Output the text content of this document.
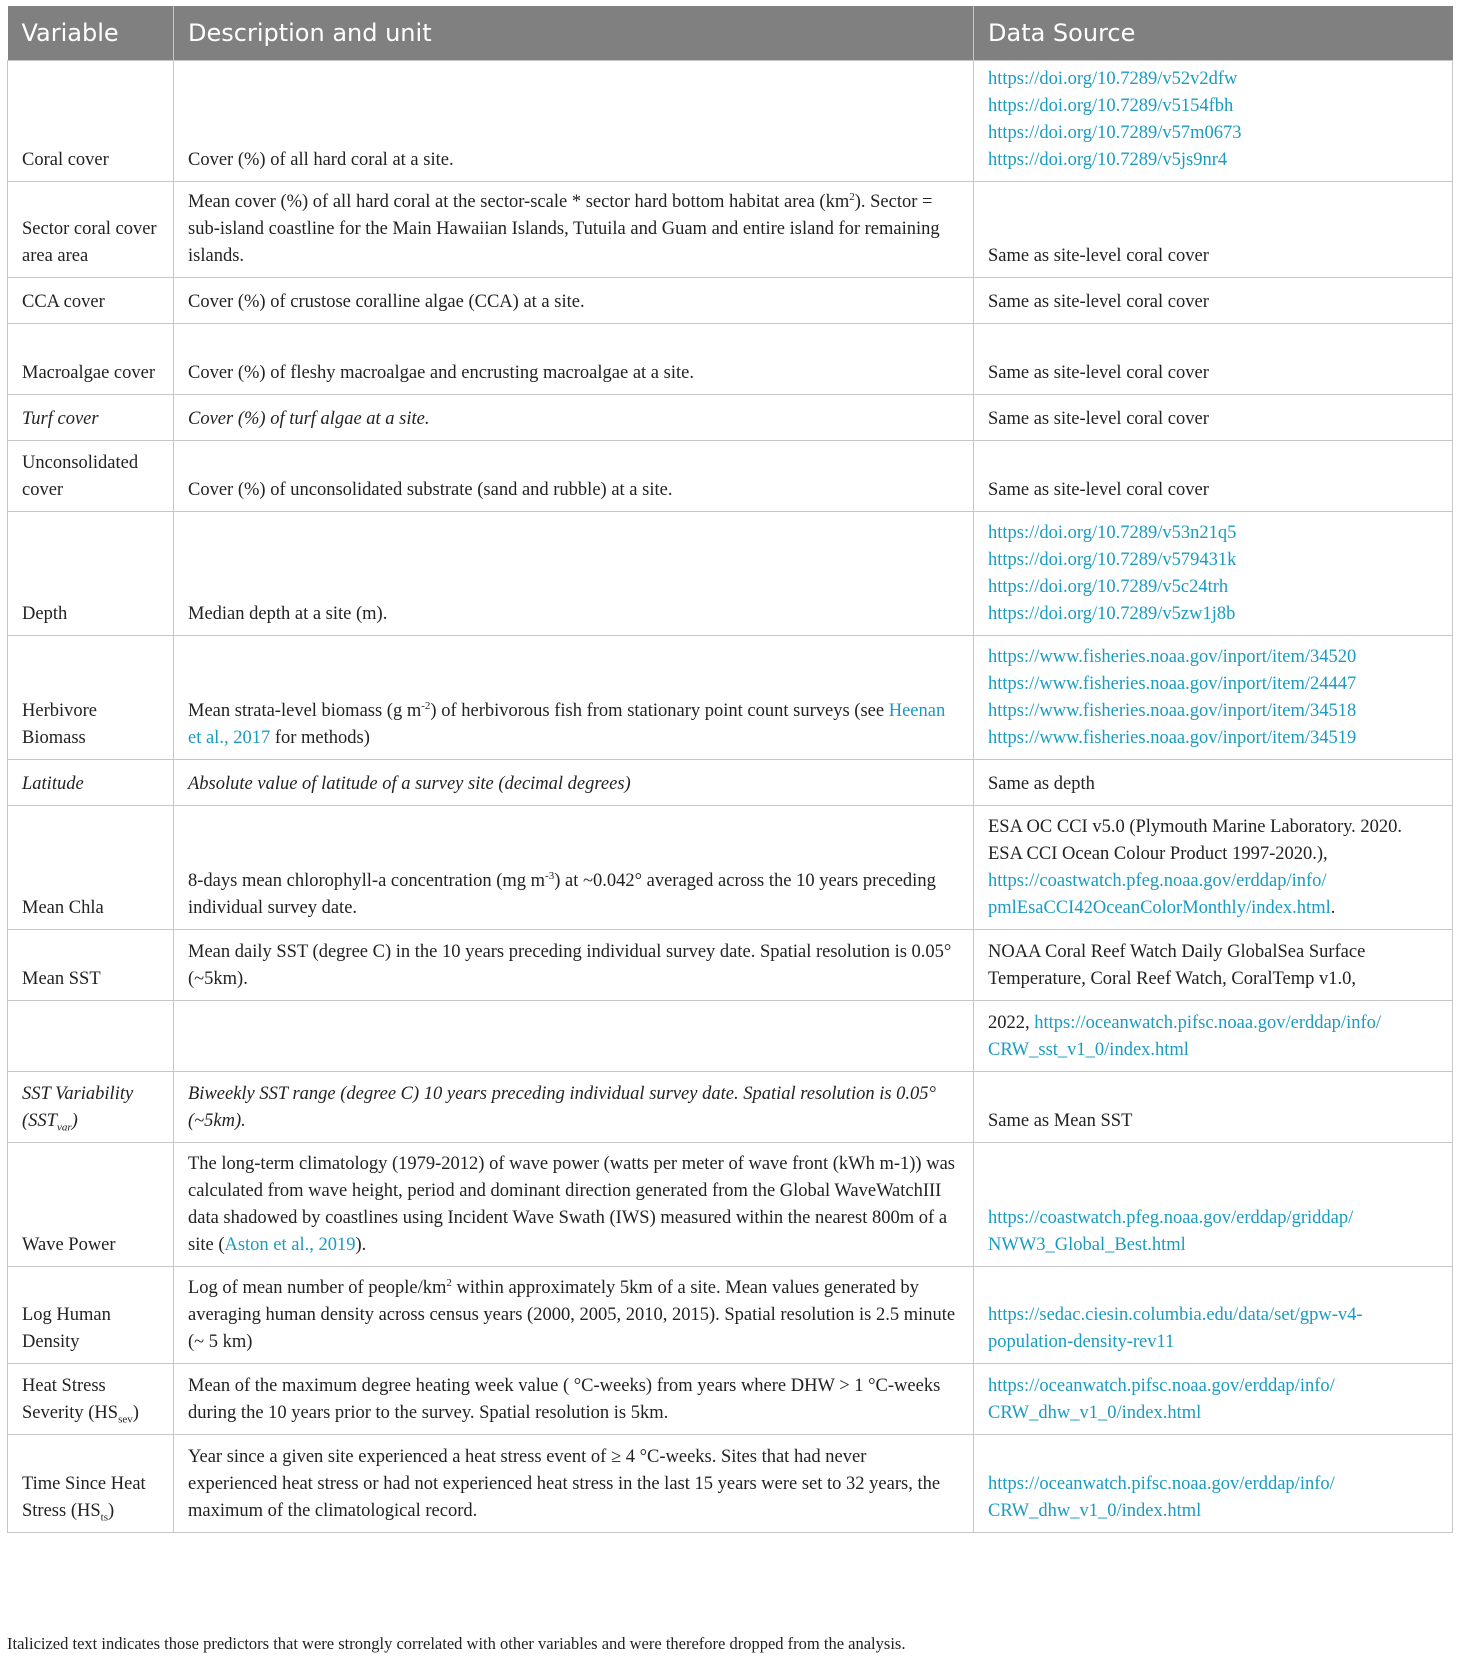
Variable	Description and unit	Data Source
Coral cover	Cover (%) of all hard coral at a site.	https://doi.org/10.7289/v52v2dfw
https://doi.org/10.7289/v5154fbh
https://doi.org/10.7289/v57m0673
https://doi.org/10.7289/v5js9nr4

Sector coral cover area area	Mean cover (%) of all hard coral at the sector-scale * sector hard bottom habitat area $(km^2)$. Sector = sub-island coastline for the Main Hawaiian Islands, Tutuila and Guam and entire island for remaining islands.	Same as site-level coral cover
CCA cover	Cover (%) of crustose coralline algae (CCA) at a site.	Same as site-level coral cover
Macroalgae cover	Cover (%) of fleshy macroalgae and encrusting macroalgae at a site.	Same as site-level coral cover
Turf cover	Cover (%) of turf algae at a site.	Same as site-level coral cover
Unconsolidated cover	Cover (%) of unconsolidated substrate (sand and rubble) at a site.	Same as site-level coral cover
Depth	Median depth at a site (m).	https://doi.org/10.7289/v53n21q5
https://doi.org/10.7289/v579431k
https://doi.org/10.7289/v5c24trh
https://doi.org/10.7289/v5zw1j8b

Herbivore Biomass	Mean strata-level biomass (g $m^{-2}$) of herbivorous fish from stationary point count surveys (see Heenan et al., 2017 for methods)	https://www.fisheries.noaa.gov/inport/item/34520
https://www.fisheries.noaa.gov/inport/item/24447
https://www.fisheries.noaa.gov/inport/item/34518
https://www.fisheries.noaa.gov/inport/item/34519

Latitude	Absolute value of latitude of a survey site (decimal degrees)	Same as depth
Mean Chla	8-days mean chlorophyll-a concentration (mg $m^{-3}$) at ~0.042° averaged across the 10 years preceding individual survey date.	ESA OC CCI v5.0 (Plymouth Marine Laboratory. 2020. ESA CCI Ocean Colour Product 1997-2020.), https://coastwatch.pfeg.noaa.gov/erddap/info/ pmlEsaCCI42OceanColorMonthly/index.html.
Mean SST	Mean daily SST (degree C) in the 10 years preceding individual survey date. Spatial resolution is 0.05° (~5km).	NOAA Coral Reef Watch Daily GlobalSea Surface Temperature, Coral Reef Watch, CoralTemp v1.0,
		2022, https://oceanwatch.pifsc.noaa.gov/erddap/info/ CRW_sst_v1_0/index.html
SST Variability $(SST_{var})$	Biweekly SST range (degree C) 10 years preceding individual survey date. Spatial resolution is 0.05° (~5km).	Same as Mean SST
Wave Power	The long-term climatology (1979-2012) of wave power (watts per meter of wave front (kWh m-1)) was calculated from wave height, period and dominant direction generated from the Global WaveWatchIII data shadowed by coastlines using Incident Wave Swath (IWS) measured within the nearest 800m of a site (Aston et al., 2019).	https://coastwatch.pfeg.noaa.gov/erddap/griddap/
NWW3_Global_Best.html

Log Human Density	Log of mean number of people/$km^2$ within approximately 5km of a site. Mean values generated by averaging human density across census years (2000, 2005, 2010, 2015). Spatial resolution is 2.5 minute (~ 5 km)	https://sedac.ciesin.columbia.edu/data/set/gpw-v4-
population-density-rev11

Heat Stress Severity $(HS_{sev})$	Mean of the maximum degree heating week value ( °C-weeks) from years where DHW > 1 °C-weeks during the 10 years prior to the survey. Spatial resolution is 5km.	https://oceanwatch.pifsc.noaa.gov/erddap/info/
CRW_dhw_v1_0/index.html

Time Since Heat Stress $(HS_{ts})$	Year since a given site experienced a heat stress event of ≥ 4 °C-weeks. Sites that had never experienced heat stress or had not experienced heat stress in the last 15 years were set to 32 years, the maximum of the climatological record.	https://oceanwatch.pifsc.noaa.gov/erddap/info/
CRW_dhw_v1_0/index.html
Italicized text indicates those predictors that were strongly correlated with other variables and were therefore dropped from the analysis.
